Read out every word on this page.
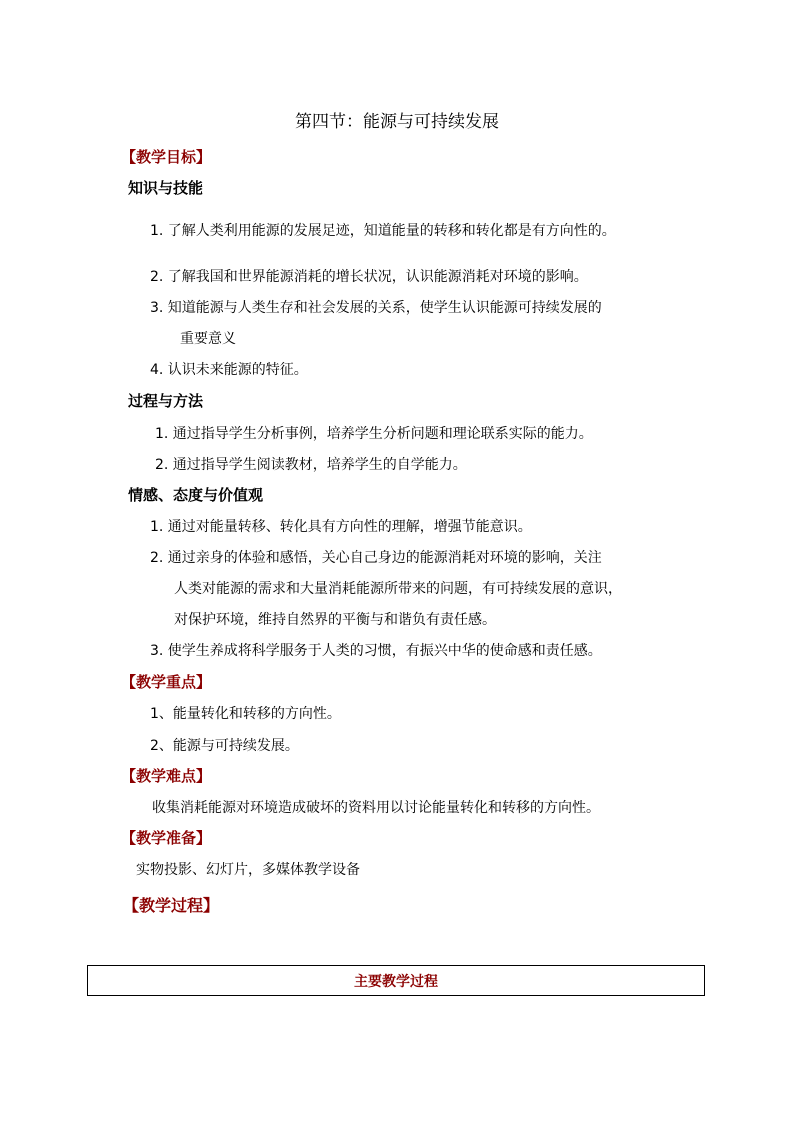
第四节：能源与可持续发展
【教学目标】
知识与技能
1. 了解人类利用能源的发展足迹，知道能量的转移和转化都是有方向性的。
2. 了解我国和世界能源消耗的增长状况，认识能源消耗对环境的影响。
3. 知道能源与人类生存和社会发展的关系，使学生认识能源可持续发展的
重要意义
4. 认识未来能源的特征。
过程与方法
1. 通过指导学生分析事例，培养学生分析问题和理论联系实际的能力。
2. 通过指导学生阅读教材，培养学生的自学能力。
情感、态度与价值观
1. 通过对能量转移、转化具有方向性的理解，增强节能意识。
2. 通过亲身的体验和感悟，关心自己身边的能源消耗对环境的影响，关注
人类对能源的需求和大量消耗能源所带来的问题，有可持续发展的意识，
对保护环境，维持自然界的平衡与和谐负有责任感。
3. 使学生养成将科学服务于人类的习惯，有振兴中华的使命感和责任感。
【教学重点】
1、能量转化和转移的方向性。
2、能源与可持续发展。
【教学难点】
收集消耗能源对环境造成破坏的资料用以讨论能量转化和转移的方向性。
【教学准备】
实物投影、幻灯片，多媒体教学设备
【教学过程】
主要教学过程
